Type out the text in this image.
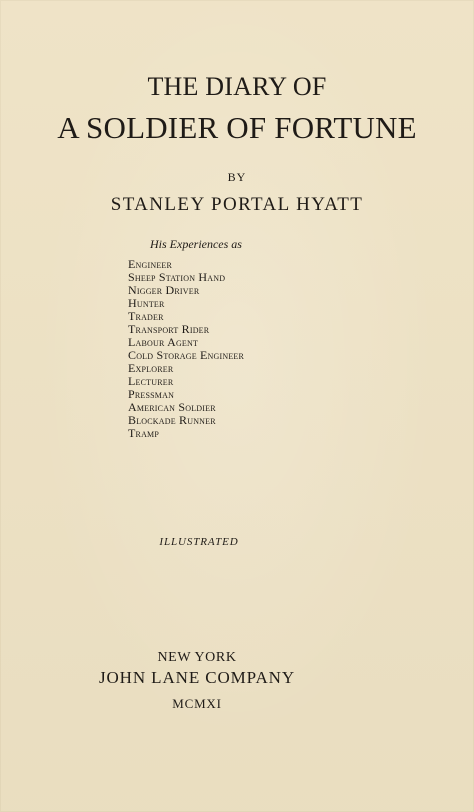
THE DIARY OF
A SOLDIER OF FORTUNE
BY
STANLEY PORTAL HYATT
His Experiences as
Engineer
Sheep Station Hand
Nigger Driver
Hunter
Trader
Transport Rider
Labour Agent
Cold Storage Engineer
Explorer
Lecturer
Pressman
American Soldier
Blockade Runner
Tramp
ILLUSTRATED
NEW YORK
JOHN LANE COMPANY
MCMXI
